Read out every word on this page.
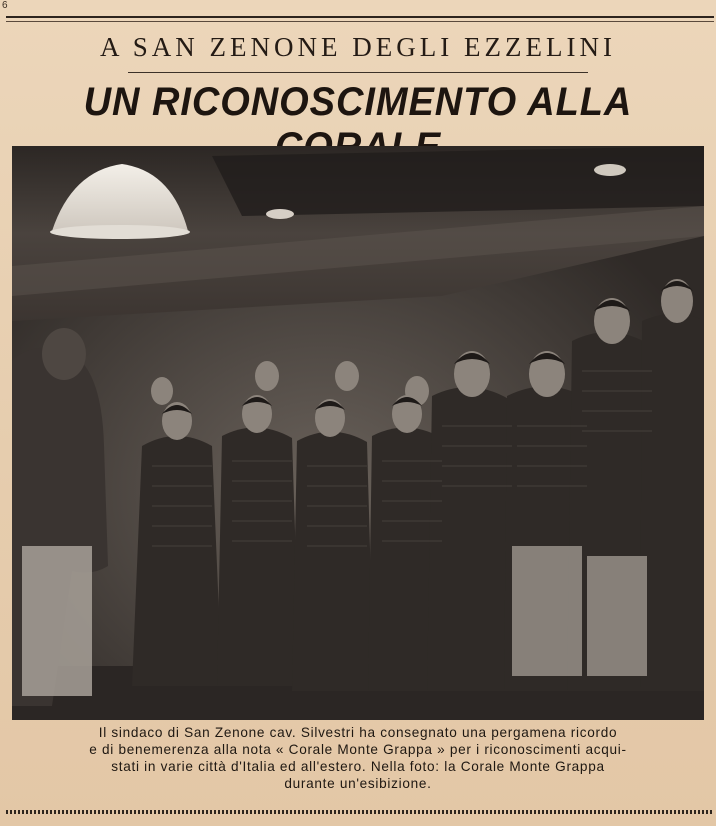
6
A SAN ZENONE DEGLI EZZELINI
UN RICONOSCIMENTO ALLA
Il sindaco di San Zenone cav. Silvestri ha consegnato una pergamena ricordo
e di benemerenza alla nota « Corale Monte Grappa » per i riconoscimenti acqui-
stati in varie città d'Italia ed all'estero. Nella foto: la Corale Monte Grappa
durante un'esibizione.
